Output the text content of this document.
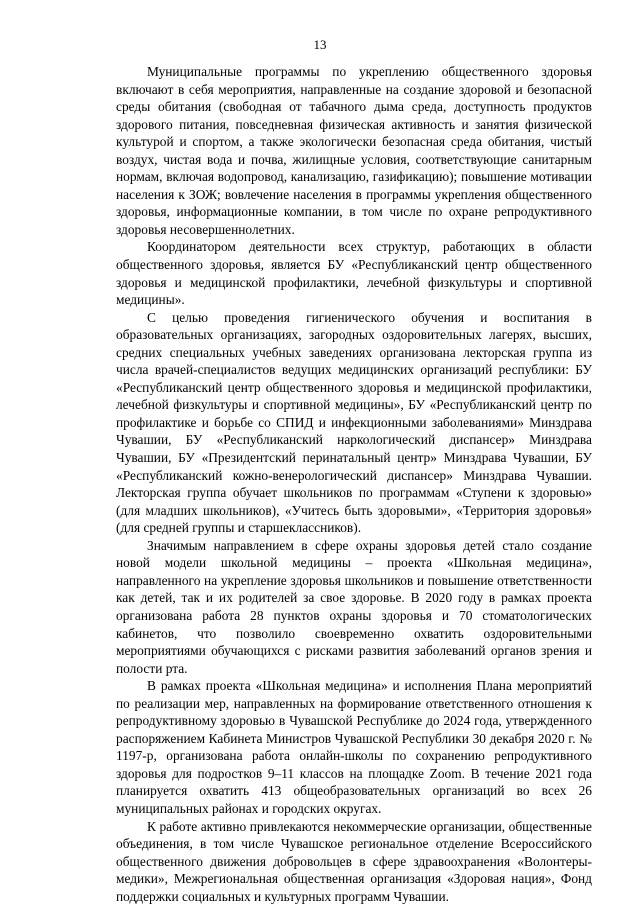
13

Муниципальные программы по укреплению общественного здоровья включают в себя мероприятия, направленные на создание здоровой и безопасной среды обитания (свободная от табачного дыма среда, доступность продуктов здорового питания, повседневная физическая активность и занятия физической культурой и спортом, а также экологически безопасная среда обитания, чистый воздух, чистая вода и почва, жилищные условия, соответствующие санитарным нормам, включая водопровод, канализацию, газификацию); повышение мотивации населения к ЗОЖ; вовлечение населения в программы укрепления общественного здоровья, информационные компании, в том числе по охране репродуктивного здоровья несовершеннолетних.

Координатором деятельности всех структур, работающих в области общественного здоровья, является БУ «Республиканский центр общественного здоровья и медицинской профилактики, лечебной физкультуры и спортивной медицины».

С целью проведения гигиенического обучения и воспитания в образовательных организациях, загородных оздоровительных лагерях, высших, средних специальных учебных заведениях организована лекторская группа из числа врачей-специалистов ведущих медицинских организаций республики: БУ «Республиканский центр общественного здоровья и медицинской профилактики, лечебной физкультуры и спортивной медицины», БУ «Республиканский центр по профилактике и борьбе со СПИД и инфекционными заболеваниями» Минздрава Чувашии, БУ «Республиканский наркологический диспансер» Минздрава Чувашии, БУ «Президентский перинатальный центр» Минздрава Чувашии, БУ «Республиканский кожно-венерологический диспансер» Минздрава Чувашии. Лекторская группа обучает школьников по программам «Ступени к здоровью» (для младших школьников), «Учитесь быть здоровыми», «Территория здоровья» (для средней группы и старшеклассников).

Значимым направлением в сфере охраны здоровья детей стало создание новой модели школьной медицины – проекта «Школьная медицина», направленного на укрепление здоровья школьников и повышение ответственности как детей, так и их родителей за свое здоровье. В 2020 году в рамках проекта организована работа 28 пунктов охраны здоровья и 70 стоматологических кабинетов, что позволило своевременно охватить оздоровительными мероприятиями обучающихся с рисками развития заболеваний органов зрения и полости рта.

В рамках проекта «Школьная медицина» и исполнения Плана мероприятий по реализации мер, направленных на формирование ответственного отношения к репродуктивному здоровью в Чувашской Республике до 2024 года, утвержденного распоряжением Кабинета Министров Чувашской Республики 30 декабря 2020 г. № 1197-р, организована работа онлайн-школы по сохранению репродуктивного здоровья для подростков 9–11 классов на площадке Zoom. В течение 2021 года планируется охватить 413 общеобразовательных организаций во всех 26 муниципальных районах и городских округах.

К работе активно привлекаются некоммерческие организации, общественные объединения, в том числе Чувашское региональное отделение Всероссийского общественного движения добровольцев в сфере здравоохранения «Волонтеры-медики», Межрегиональная общественная организация «Здоровая нация», Фонд поддержки социальных и культурных программ Чувашии.
